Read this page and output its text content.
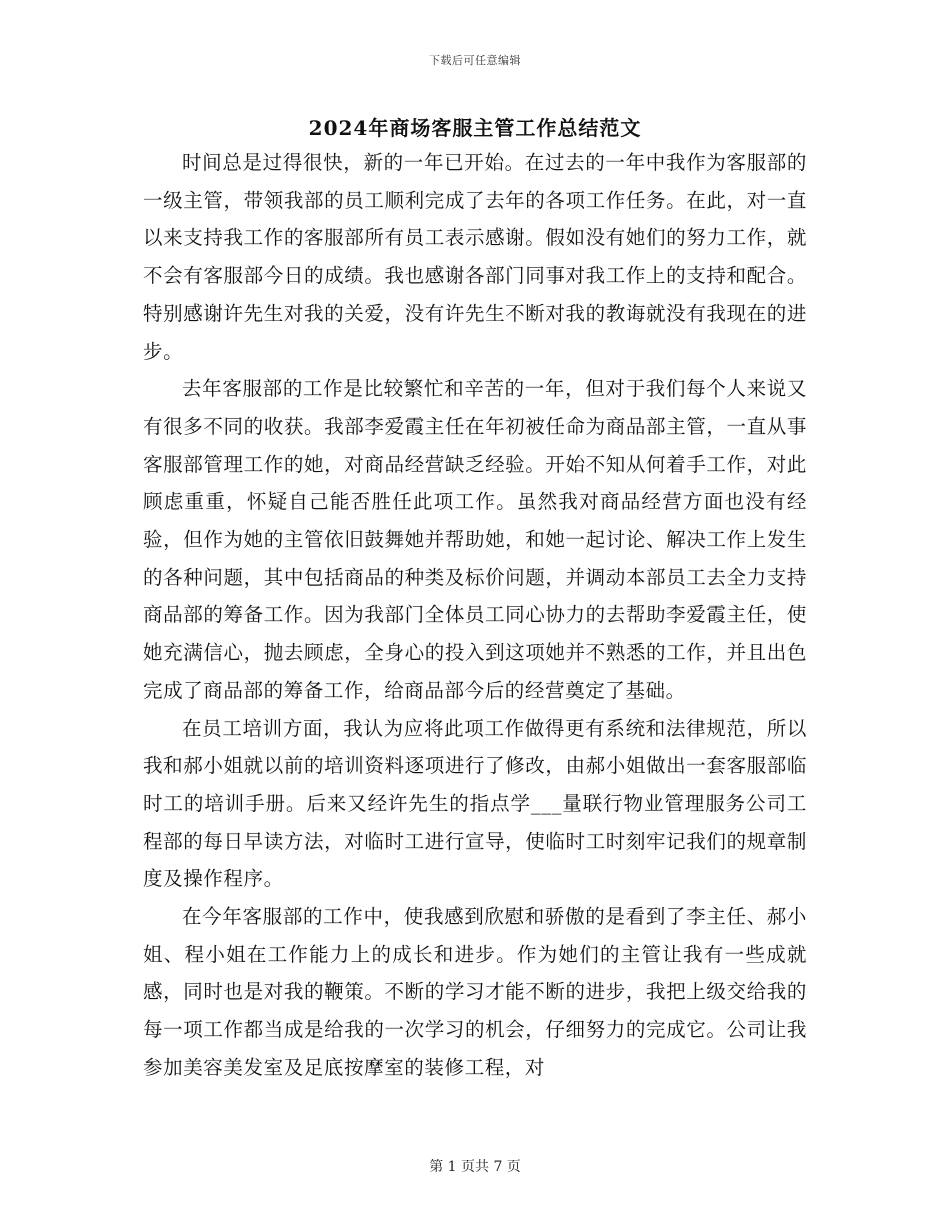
下载后可任意编辑
2024年商场客服主管工作总结范文

时间总是过得很快，新的一年已开始。在过去的一年中我作为客服部的一级主管，带领我部的员工顺利完成了去年的各项工作任务。在此，对一直以来支持我工作的客服部所有员工表示感谢。假如没有她们的努力工作，就不会有客服部今日的成绩。我也感谢各部门同事对我工作上的支持和配合。特别感谢许先生对我的关爱，没有许先生不断对我的教诲就没有我现在的进步。

去年客服部的工作是比较繁忙和辛苦的一年，但对于我们每个人来说又有很多不同的收获。我部李爱霞主任在年初被任命为商品部主管，一直从事客服部管理工作的她，对商品经营缺乏经验。开始不知从何着手工作，对此顾虑重重，怀疑自己能否胜任此项工作。虽然我对商品经营方面也没有经验，但作为她的主管依旧鼓舞她并帮助她，和她一起讨论、解决工作上发生的各种问题，其中包括商品的种类及标价问题，并调动本部员工去全力支持商品部的筹备工作。因为我部门全体员工同心协力的去帮助李爱霞主任，使她充满信心，抛去顾虑，全身心的投入到这项她并不熟悉的工作，并且出色完成了商品部的筹备工作，给商品部今后的经营奠定了基础。

在员工培训方面，我认为应将此项工作做得更有系统和法律规范，所以我和郝小姐就以前的培训资料逐项进行了修改，由郝小姐做出一套客服部临时工的培训手册。后来又经许先生的指点学___量联行物业管理服务公司工程部的每日早读方法，对临时工进行宣导，使临时工时刻牢记我们的规章制度及操作程序。

在今年客服部的工作中，使我感到欣慰和骄傲的是看到了李主任、郝小姐、程小姐在工作能力上的成长和进步。作为她们的主管让我有一些成就感，同时也是对我的鞭策。不断的学习才能不断的进步，我把上级交给我的每一项工作都当成是给我的一次学习的机会，仔细努力的完成它。公司让我参加美容美发室及足底按摩室的装修工程，对

第 1 页共 7 页
